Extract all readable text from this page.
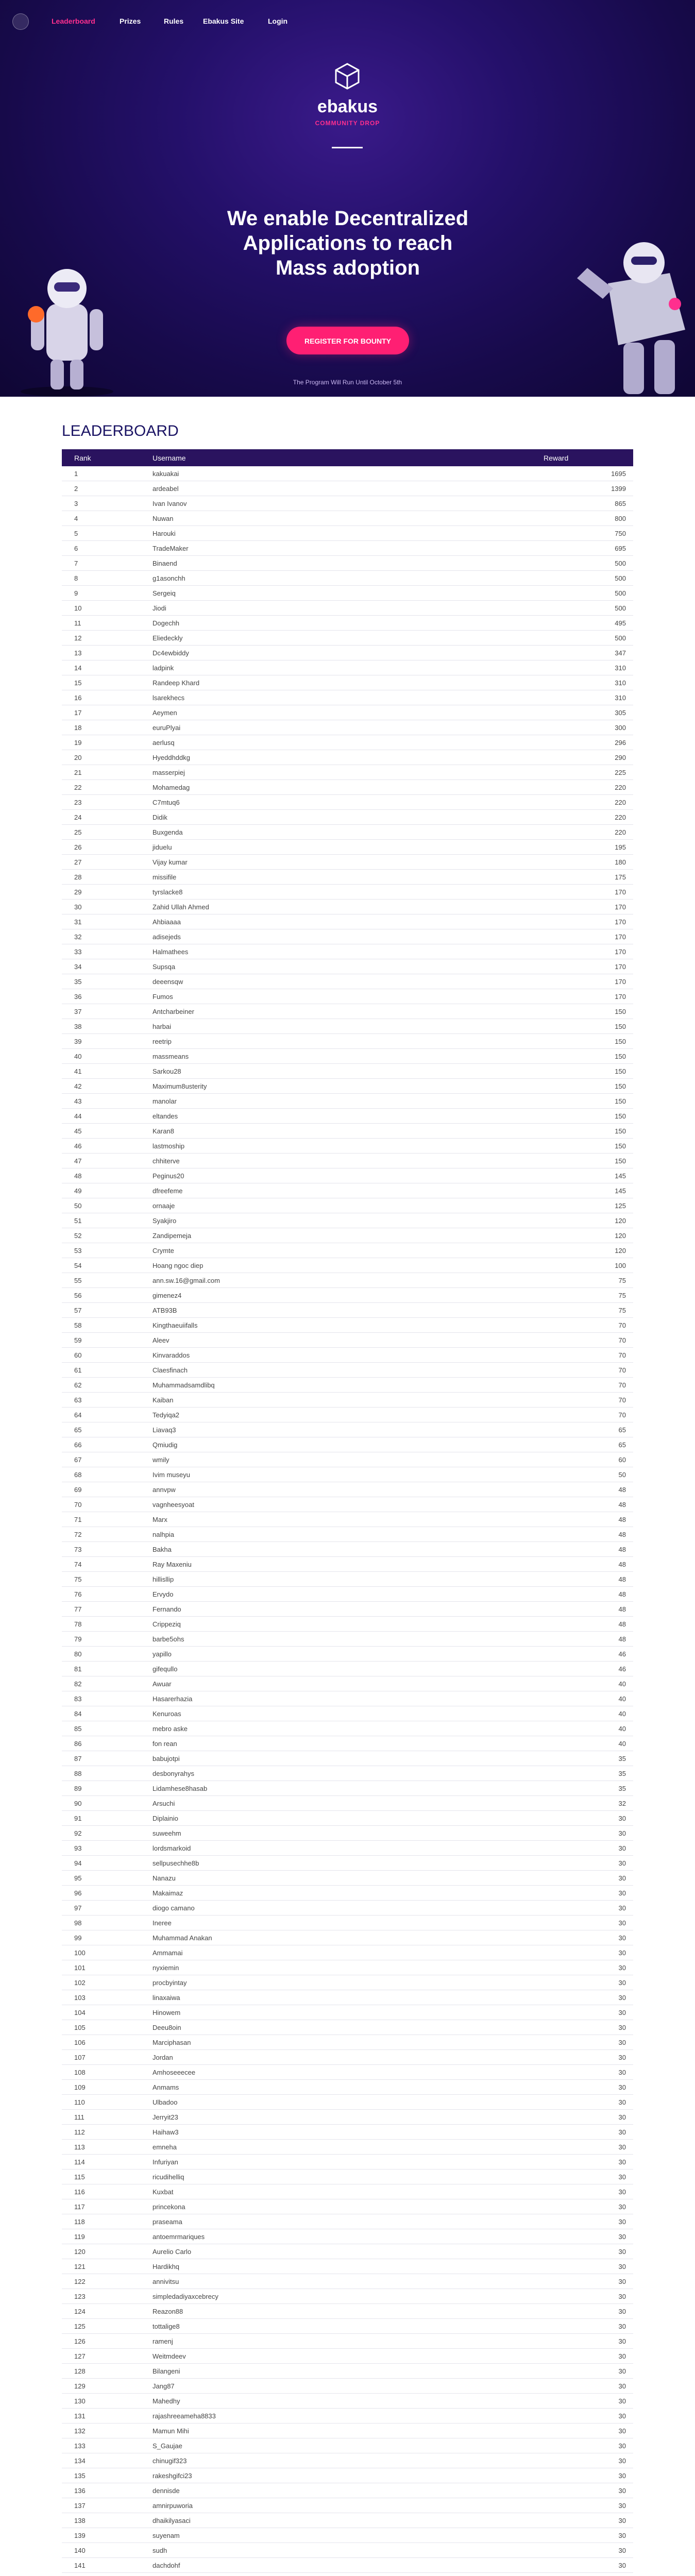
Leaderboard	Prizes	Rules	Ebakus Site	Login
ebakus
COMMUNITY DROP
We enable Decentralized Applications to reach Mass adoption
REGISTER FOR BOUNTY
The Program Will Run Until October 5th
LEADERBOARD
Rank	Username	Reward
1	kakuakai	1695
2	ardeabel	1399
3	Ivan Ivanov	865
4	Nuwan	800
5	Harouki	750
6	TradeMaker	695
7	Binaend	500
8	g1asonchh	500
9	Sergeiq	500
10	Jiodi	500
11	Dogechh	495
12	Eliedeckly	500
13	Dc4ewbiddy	347
14	ladpink	310
15	Randeep Khard	310
16	lsarekhecs	310
17	Aeymen	305
18	euruPlyai	300
19	aerlusq	296
20	Hyeddhddkg	290
21	masserpiej	225
22	Mohamedag	220
23	C7mtuq6	220
24	Didik	220
25	Buxgenda	220
26	jiduelu	195
27	Vijay kumar	180
28	missifile	175
29	tyrslacke8	170
30	Zahid Ullah Ahmed	170
31	Ahbiaaaa	170
32	adisejeds	170
33	Halmathees	170
34	Supsqa	170
35	deeensqw	170
36	Fumos	170
37	Antcharbeiner	150
38	harbai	150
39	reetrip	150
40	massmeans	150
41	Sarkou28	150
42	Maximum8usterity	150
43	manolar	150
44	eltandes	150
45	Karan8	150
46	lastmoship	150
47	chhiterve	150
48	Peginus20	145
49	dfreefeme	145
50	ornaaje	125
51	Syakjiro	120
52	Zandipemeja	120
53	Crymte	120
54	Hoang ngoc diep	100
55	ann.sw.16@gmail.com	75
56	gimenez4	75
57	ATB93B	75
58	Kingthaeuiifalls	70
59	Aleev	70
60	Kinvaraddos	70
61	Claesfinach	70
62	Muhammadsamdlibq	70
63	Kaiban	70
64	Tedyiqa2	70
65	Liavaq3	65
66	Qmiudig	65
67	wmily	60
68	Ivim museyu	50
69	annvpw	48
70	vagnheesyoat	48
71	Marx	48
72	nalhpia	48
73	Bakha	48
74	Ray Maxeniu	48
75	hillisllip	48
76	Ervydo	48
77	Fernando	48
78	Crippeziq	48
79	barbe5ohs	48
80	yapillo	46
81	gifequllo	46
82	Awuar	40
83	Hasarerhazia	40
84	Kenuroas	40
85	mebro aske	40
86	fon rean	40
87	babujotpi	35
88	desbonyrahys	35
89	Lidamhese8hasab	35
90	Arsuchi	32
91	Diplainio	30
92	suweehm	30
93	lordsmarkoid	30
94	sellpusechhe8b	30
95	Nanazu	30
96	Makaimaz	30
97	diogo camano	30
98	Ineree	30
99	Muhammad Anakan	30
100	Ammamai	30
101	nyxiemin	30
102	procbyintay	30
103	linaxaiwa	30
104	Hinowem	30
105	Deeu8oin	30
106	Marciphasan	30
107	Jordan	30
108	Amhoseeecee	30
109	Anmams	30
110	Ulbadoo	30
111	Jerryit23	30
112	Haihaw3	30
113	emneha	30
114	Infuriyan	30
115	ricudihelliq	30
116	Kuxbat	30
117	princekona	30
118	praseama	30
119	antoemrmariques	30
120	Aurelio Carlo	30
121	Hardikhq	30
122	annivitsu	30
123	simpledadiyaxcebrecy	30
124	Reazon88	30
125	tottalige8	30
126	ramenj	30
127	Weitmdeev	30
128	Bilangeni	30
129	Jang87	30
130	Mahedhy	30
131	rajashreeameha8833	30
132	Mamun Mihi	30
133	S_Gaujae	30
134	chinugif323	30
135	rakeshgifci23	30
136	dennisde	30
137	amnirpuworia	30
138	dhaikilyasaci	30
139	suyenam	30
140	sudh	30
141	dachdohf	30
